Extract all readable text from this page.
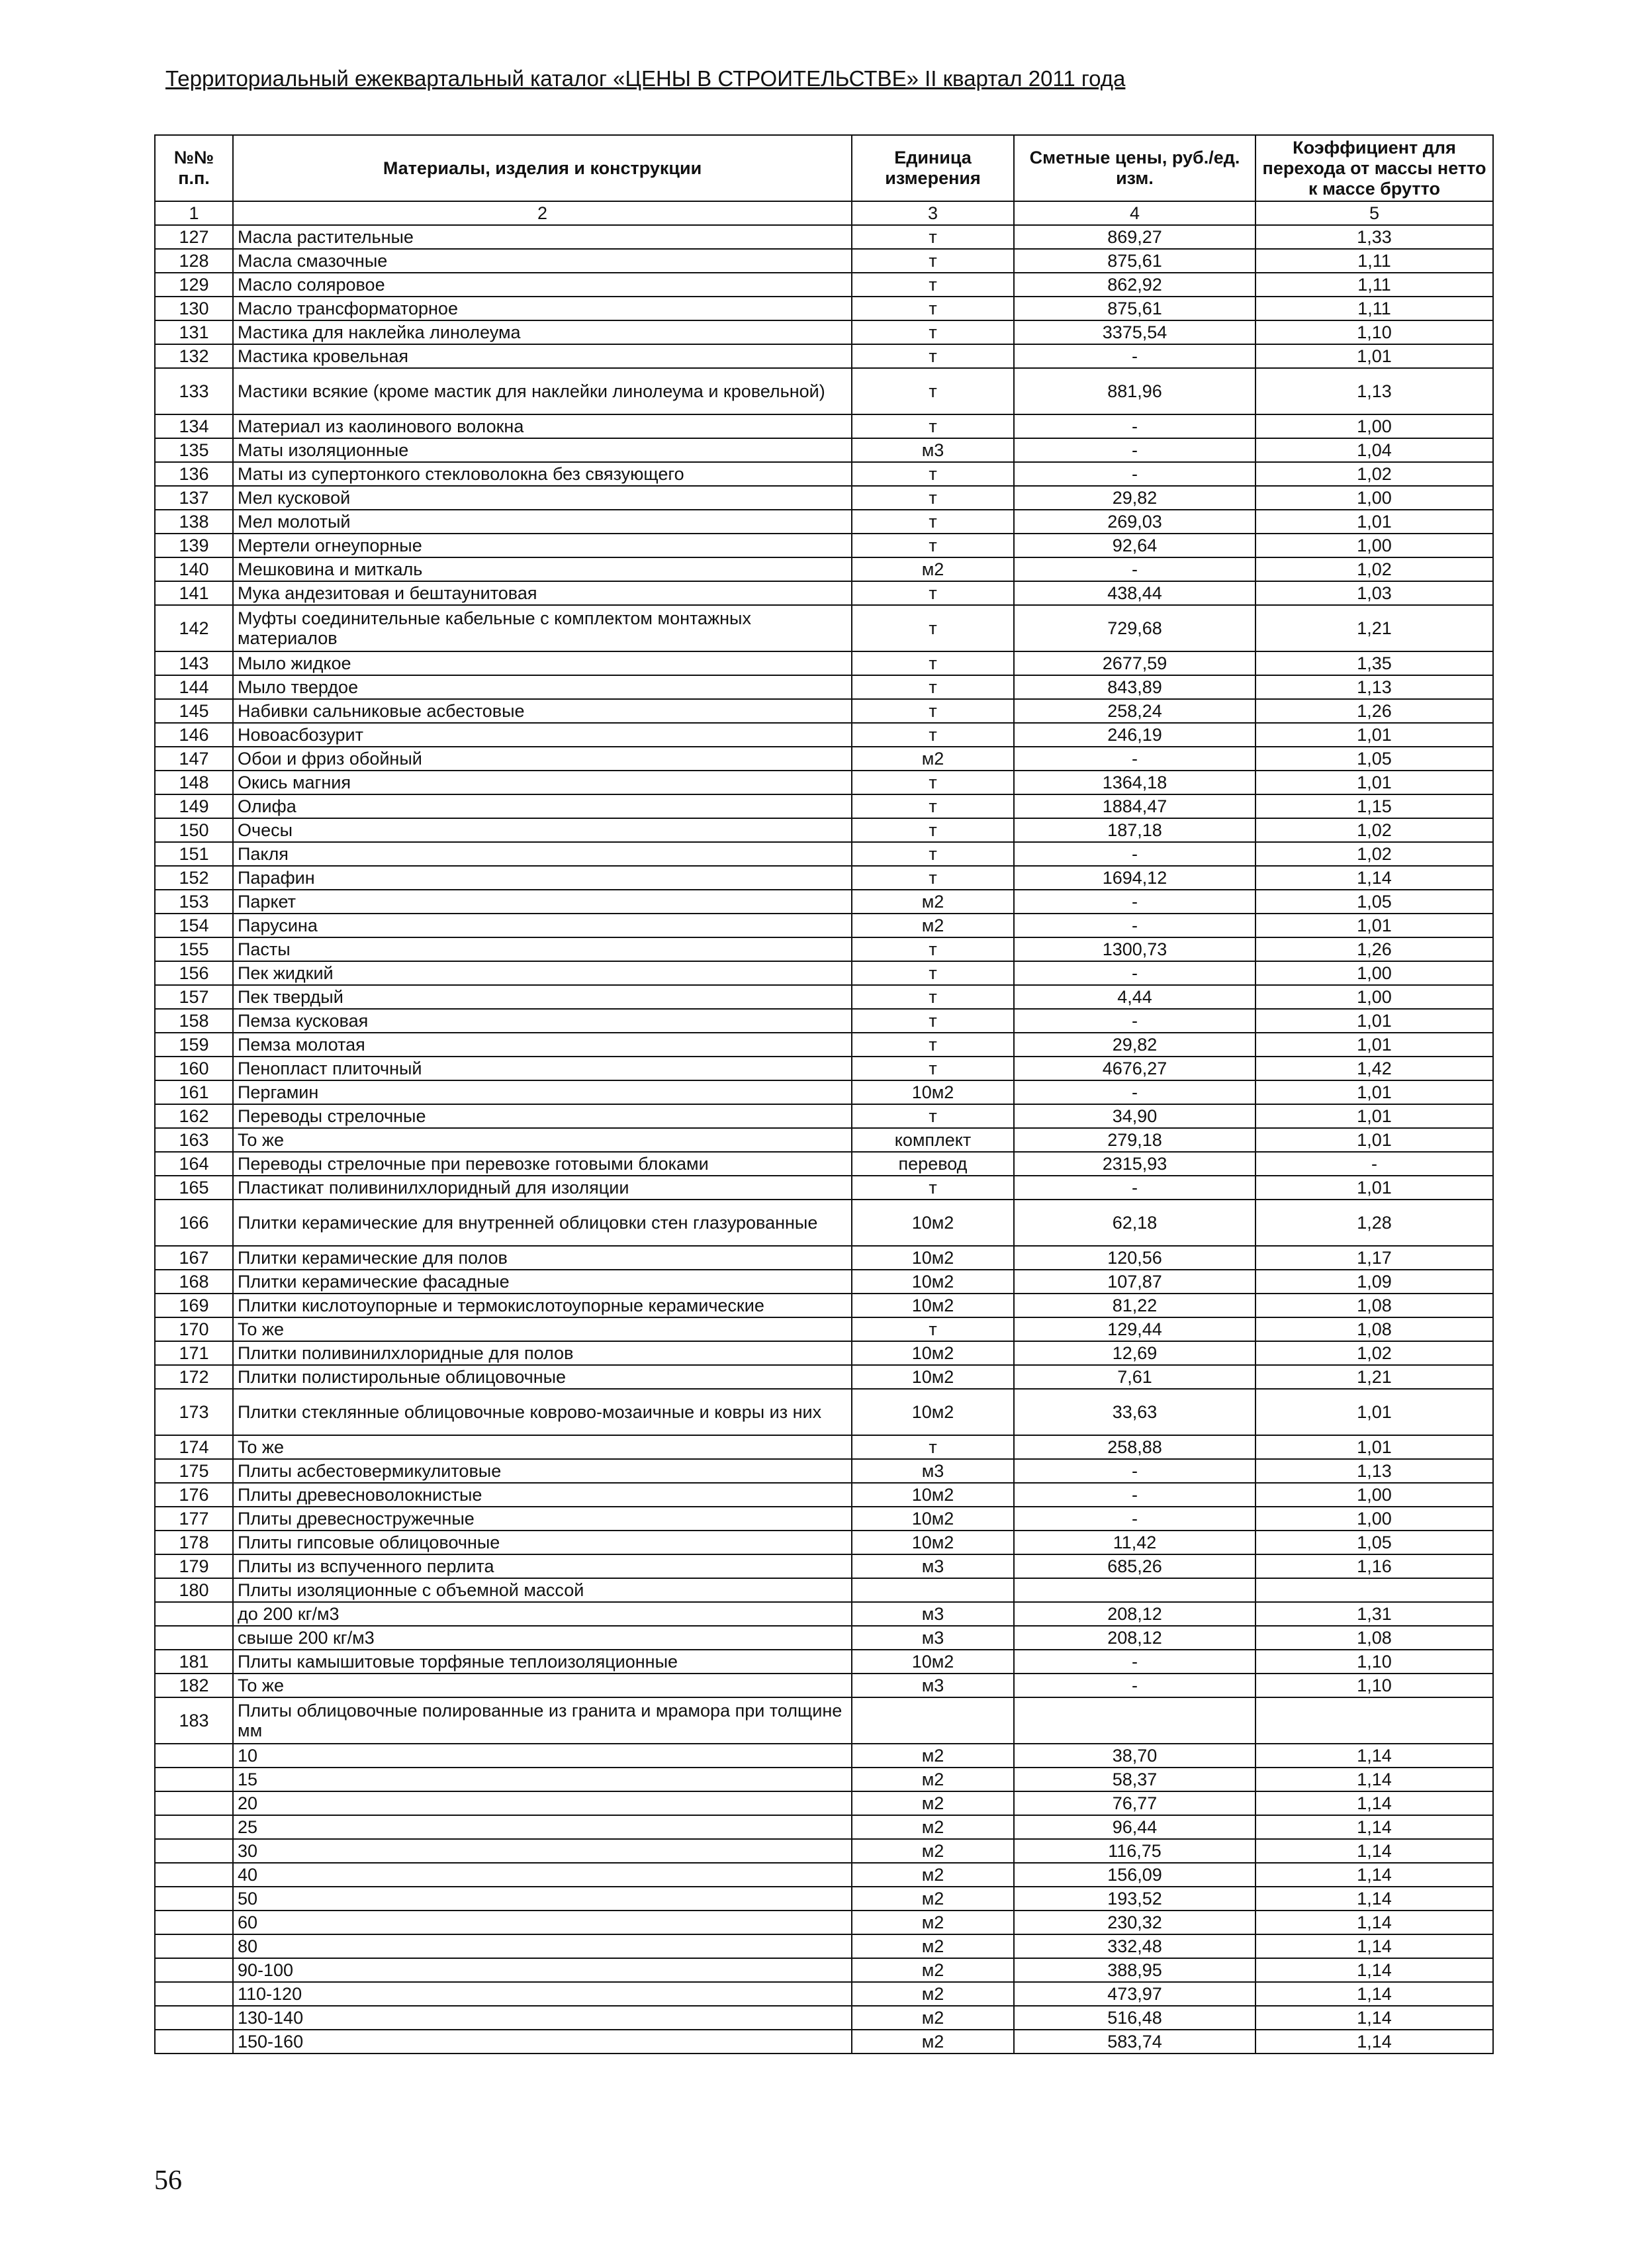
Территориальный ежеквартальный каталог «ЦЕНЫ В СТРОИТЕЛЬСТВЕ» II квартал 2011 года
№№ п.п.	Материалы, изделия и конструкции	Единица измерения	Сметные цены, руб./ед. изм.	Коэффициент для перехода от массы нетто к массе брутто
1	2	3	4	5
127	Масла растительные	т	869,27	1,33
128	Масла смазочные	т	875,61	1,11
129	Масло соляровое	т	862,92	1,11
130	Масло трансформаторное	т	875,61	1,11
131	Мастика для наклейка линолеума	т	3375,54	1,10
132	Мастика кровельная	т	-	1,01
133	Мастики всякие (кроме мастик для наклейки линолеума и кровельной)	т	881,96	1,13
134	Материал из каолинового волокна	т	-	1,00
135	Маты изоляционные	м3	-	1,04
136	Маты из супертонкого стекловолокна без связующего	т	-	1,02
137	Мел кусковой	т	29,82	1,00
138	Мел молотый	т	269,03	1,01
139	Мертели огнеупорные	т	92,64	1,00
140	Мешковина и миткаль	м2	-	1,02
141	Мука андезитовая и бештаунитовая	т	438,44	1,03
142	Муфты соединительные кабельные с комплектом монтажных материалов	т	729,68	1,21
143	Мыло жидкое	т	2677,59	1,35
144	Мыло твердое	т	843,89	1,13
145	Набивки сальниковые асбестовые	т	258,24	1,26
146	Новоасбозурит	т	246,19	1,01
147	Обои и фриз обойный	м2	-	1,05
148	Окись магния	т	1364,18	1,01
149	Олифа	т	1884,47	1,15
150	Очесы	т	187,18	1,02
151	Пакля	т	-	1,02
152	Парафин	т	1694,12	1,14
153	Паркет	м2	-	1,05
154	Парусина	м2	-	1,01
155	Пасты	т	1300,73	1,26
156	Пек жидкий	т	-	1,00
157	Пек твердый	т	4,44	1,00
158	Пемза кусковая	т	-	1,01
159	Пемза молотая	т	29,82	1,01
160	Пенопласт плиточный	т	4676,27	1,42
161	Пергамин	10м2	-	1,01
162	Переводы стрелочные	т	34,90	1,01
163	То же	комплект	279,18	1,01
164	Переводы стрелочные при перевозке готовыми блоками	перевод	2315,93	-
165	Пластикат поливинилхлоридный для изоляции	т	-	1,01
166	Плитки керамические для внутренней облицовки стен глазурованные	10м2	62,18	1,28
167	Плитки керамические для полов	10м2	120,56	1,17
168	Плитки керамические фасадные	10м2	107,87	1,09
169	Плитки кислотоупорные и термокислотоупорные керамические	10м2	81,22	1,08
170	То же	т	129,44	1,08
171	Плитки поливинилхлоридные для полов	10м2	12,69	1,02
172	Плитки полистирольные облицовочные	10м2	7,61	1,21
173	Плитки стеклянные облицовочные коврово-мозаичные и ковры из них	10м2	33,63	1,01
174	То же	т	258,88	1,01
175	Плиты асбестовермикулитовые	м3	-	1,13
176	Плиты древесноволокнистые	10м2	-	1,00
177	Плиты древесностружечные	10м2	-	1,00
178	Плиты гипсовые облицовочные	10м2	11,42	1,05
179	Плиты из вспученного перлита	м3	685,26	1,16
180	Плиты изоляционные с объемной массой			
	до 200 кг/м3	м3	208,12	1,31
	свыше 200 кг/м3	м3	208,12	1,08
181	Плиты камышитовые торфяные теплоизоляционные	10м2	-	1,10
182	То же	м3	-	1,10
183	Плиты облицовочные полированные из гранита и мрамора при толщине мм			
	10	м2	38,70	1,14
	15	м2	58,37	1,14
	20	м2	76,77	1,14
	25	м2	96,44	1,14
	30	м2	116,75	1,14
	40	м2	156,09	1,14
	50	м2	193,52	1,14
	60	м2	230,32	1,14
	80	м2	332,48	1,14
	90-100	м2	388,95	1,14
	110-120	м2	473,97	1,14
	130-140	м2	516,48	1,14
	150-160	м2	583,74	1,14
56
